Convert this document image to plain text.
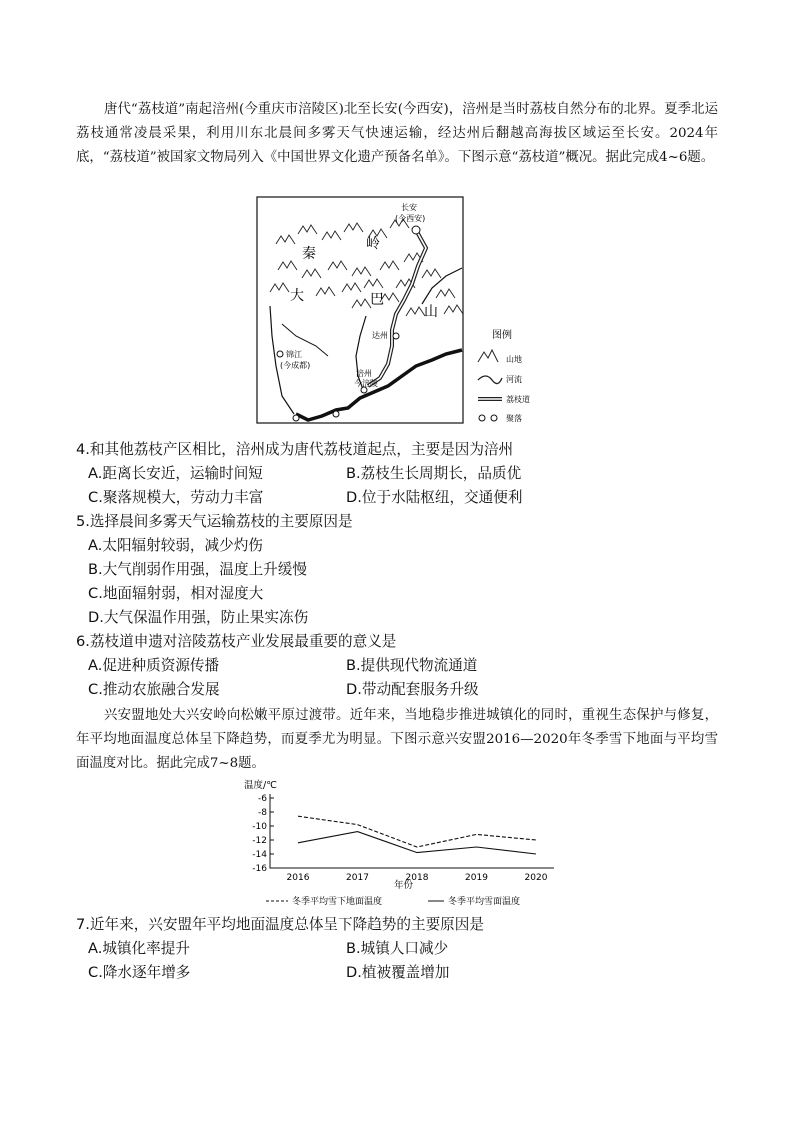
唐代“荔枝道”南起涪州(今重庆市涪陵区)北至长安(今西安)，涪州是当时荔枝自然分布的北界。夏季北运荔枝通常凌晨采果，利用川东北晨间多雾天气快速运输，经达州后翻越高海拔区域运至长安。2024年底，“荔枝道”被国家文物局列入《中国世界文化遗产预备名单》。下图示意“荔枝道”概况。据此完成4~6题。
长安
(今西安)
秦
岭
大	巴
山
达州
锦江
(今成都)
涪州
今涪陵
图例
山地
河流
荔枝道
聚落
4.和其他荔枝产区相比，涪州成为唐代荔枝道起点，主要是因为涪州
A.距离长安近，运输时间短	B.荔枝生长周期长，品质优
C.聚落规模大，劳动力丰富	D.位于水陆枢纽，交通便利
5.选择晨间多雾天气运输荔枝的主要原因是
A.太阳辐射较弱，减少灼伤
B.大气削弱作用强，温度上升缓慢
C.地面辐射弱，相对湿度大
D.大气保温作用强，防止果实冻伤
6.荔枝道申遗对涪陵荔枝产业发展最重要的意义是
A.促进种质资源传播	B.提供现代物流通道
C.推动农旅融合发展	D.带动配套服务升级
兴安盟地处大兴安岭向松嫩平原过渡带。近年来，当地稳步推进城镇化的同时，重视生态保护与修复，年平均地面温度总体呈下降趋势，而夏季尤为明显。下图示意兴安盟2016—2020年冬季雪下地面与平均雪面温度对比。据此完成7~8题。
-6
-8
-10
-12
-14
-16
2016	2017	2018	2019	2020
温度/℃
年份
冬季平均雪下地面温度	冬季平均雪面温度
7.近年来，兴安盟年平均地面温度总体呈下降趋势的主要原因是
A.城镇化率提升	B.城镇人口减少
C.降水逐年增多	D.植被覆盖增加
